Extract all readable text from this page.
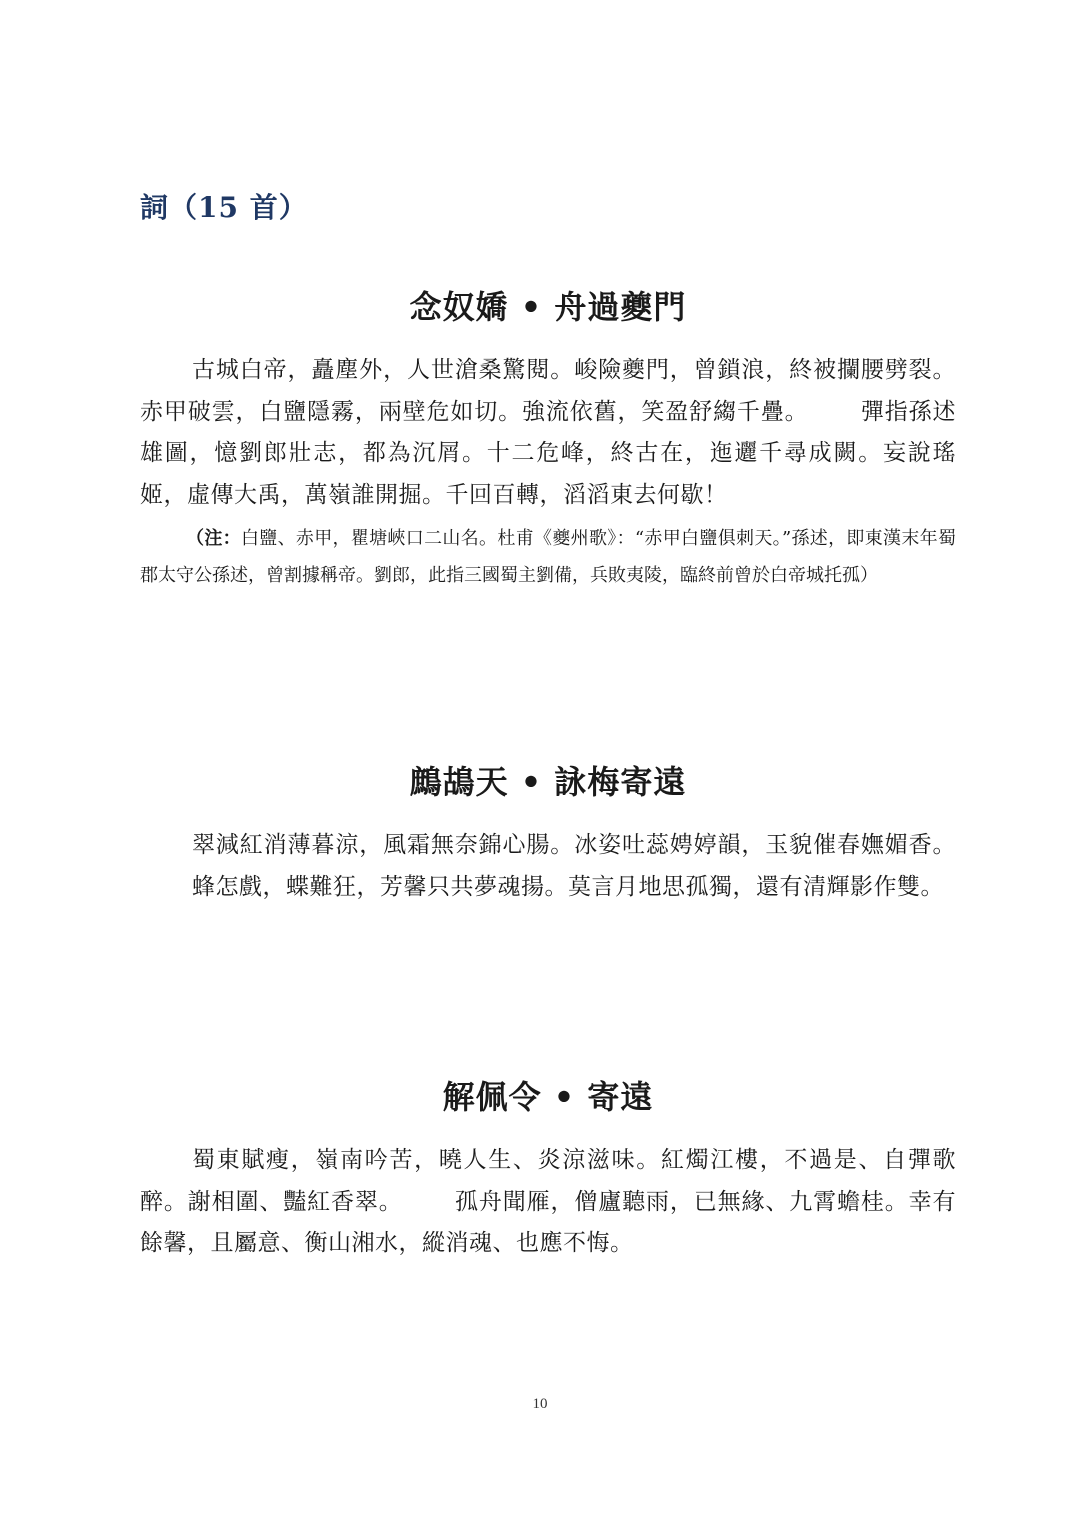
詞（15 首）
念奴嬌 • 舟過夔門

古城白帝，矗塵外，人世滄桑驚閱。峻險夔門，曾鎖浪，終被攔腰劈裂。赤甲破雲，白鹽隱霧，兩壁危如切。強流依舊，笑盈舒縐千疊。 彈指孫述雄圖，憶劉郎壯志，都為沉屑。十二危峰，終古在，迤邐千尋成闕。妄說瑤姬，虛傳大禹，萬嶺誰開掘。千回百轉，滔滔東去何歇！

（注：白鹽、赤甲，瞿塘峽口二山名。杜甫《夔州歌》：“赤甲白鹽俱刺天。”孫述，即東漢末年蜀郡太守公孫述，曾割據稱帝。劉郎，此指三國蜀主劉備，兵敗夷陵，臨終前曾於白帝城托孤）

鷓鴣天 • 詠梅寄遠

翠減紅消薄暮涼，風霜無奈錦心腸。冰姿吐蕊娉婷韻，玉貌催春嫵媚香。蜂怎戲，蝶難狂，芳馨只共夢魂揚。莫言月地思孤獨，還有清輝影作雙。

解佩令 • 寄遠

蜀東賦瘦，嶺南吟苦，曉人生、炎涼滋味。紅燭江樓，不過是、自彈歌醉。謝相圍、豔紅香翠。 孤舟聞雁，僧廬聽雨，已無緣、九霄蟾桂。幸有餘馨，且屬意、衡山湘水，縱消魂、也應不悔。

10
